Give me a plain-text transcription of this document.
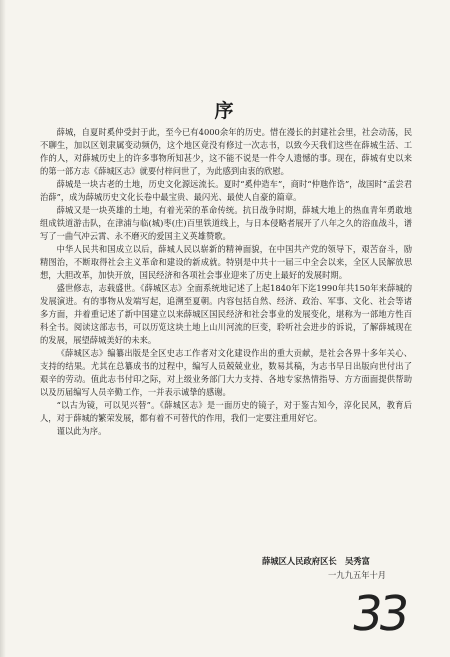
序

薛城，自夏时奚仲受封于此，至今已有4000余年的历史。惜在漫长的封建社会里，社会动荡，民不聊生，加以区划隶属变动频仍，这个地区竟没有修过一次志书，以致今天我们这些在薛城生活、工作的人，对薛城历史上的许多事物所知甚少，这不能不说是一件令人遗憾的事。现在，薛城有史以来的第一部方志《薛城区志》就要付梓问世了，为此感到由衷的欣慰。

薛城是一块古老的土地，历史文化源远流长。夏时“奚仲造车”，商时“仲虺作诰”，战国时“孟尝君治薛”，成为薛城历史文化长卷中最宝贵、最闪光、最使人自豪的篇章。

薛城又是一块英雄的土地，有着光荣的革命传统。抗日战争时期，薛城大地上的热血青年勇敢地组成铁道游击队，在津浦与临(城)枣(庄)百里铁道线上，与日本侵略者展开了八年之久的浴血战斗，谱写了一曲气冲云霄、永不磨灭的爱国主义英雄赞歌。

中华人民共和国成立以后，薛城人民以崭新的精神面貌，在中国共产党的领导下，艰苦奋斗，励精图治，不断取得社会主义革命和建设的新成就。特别是中共十一届三中全会以来，全区人民解放思想，大胆改革，加快开放，国民经济和各项社会事业迎来了历史上最好的发展时期。

盛世修志，志载盛世。《薛城区志》全面系统地记述了上起1840年下迄1990年共150年来薛城的发展演进。有的事物从发端写起，追溯至夏朝。内容包括自然、经济、政治、军事、文化、社会等诸多方面，并着重记述了新中国建立以来薛城区国民经济和社会事业的发展变化，堪称为一部地方性百科全书。阅读这部志书，可以历览这块土地上山川河流的巨变，聆听社会进步的诉说，了解薛城现在的发展，展望薛城美好的未来。

《薛城区志》编纂出版是全区史志工作者对文化建设作出的重大贡献，是社会各界十多年关心、支持的结果。尤其在总纂成书的过程中，编写人员兢兢业业，数易其稿，为志书早日出版向世付出了艰辛的劳动。值此志书付印之际，对上级业务部门大力支持、各地专家热情指导、方方面面提供帮助以及历届编写人员辛勤工作，一并表示诚挚的感谢。

“以古为镜，可以见兴替”。《薛城区志》是一面历史的镜子，对于鉴古知今，淳化民风，教育后人，对于薛城的繁荣发展，都有着不可替代的作用，我们一定要注重用好它。

谨以此为序。

薛城区人民政府区长　吴秀富
一九九五年十月
33
